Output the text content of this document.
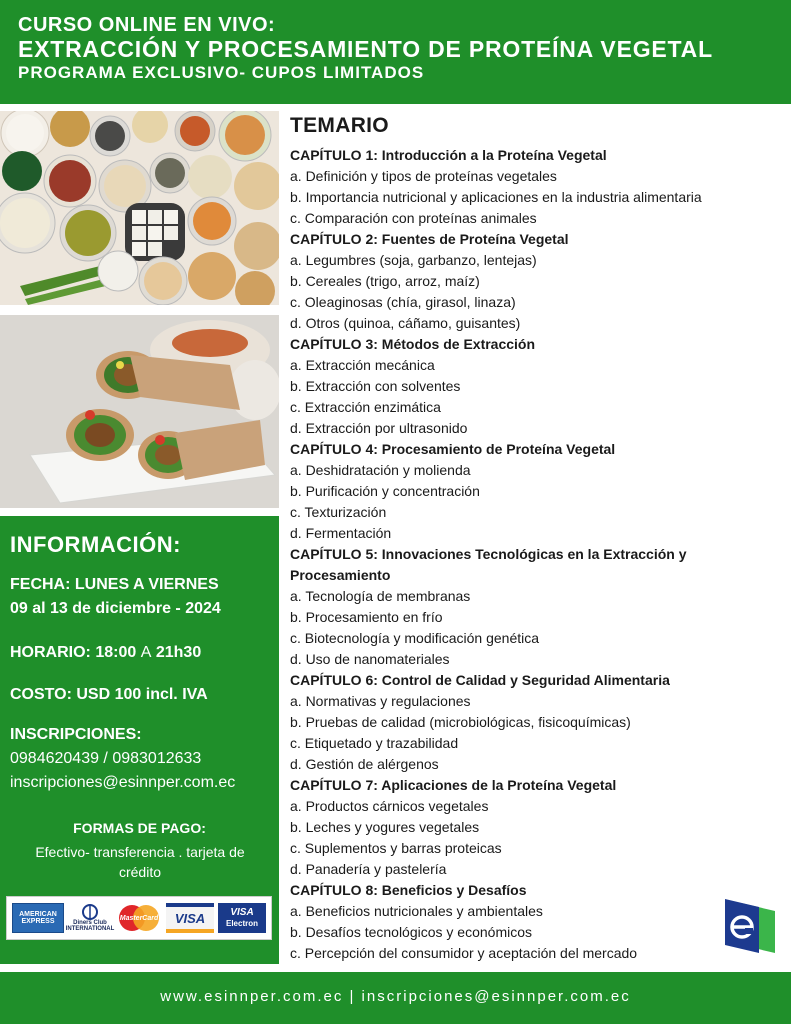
CURSO ONLINE EN VIVO:
EXTRACCIÓN Y PROCESAMIENTO DE PROTEÍNA VEGETAL
PROGRAMA EXCLUSIVO- CUPOS LIMITADOS
INFORMACIÓN:
FECHA: LUNES A VIERNES
09 al 13 de diciembre - 2024
HORARIO: 18:00 A 21h30
COSTO: USD 100 incl. IVA
INSCRIPCIONES:
0984620439 / 0983012633
inscripciones@esinnper.com.ec
FORMAS DE PAGO:
Efectivo- transferencia . tarjeta de crédito
AMERICAN EXPRESS	Diners Club INTERNATIONAL
MasterCard	VISA	VISA
Electron
TEMARIO
CAPÍTULO 1: Introducción a la Proteína Vegetal
a. Definición y tipos de proteínas vegetales
b. Importancia nutricional y aplicaciones en la industria alimentaria
c. Comparación con proteínas animales
CAPÍTULO 2: Fuentes de Proteína Vegetal
a. Legumbres (soja, garbanzo, lentejas)
b. Cereales (trigo, arroz, maíz)
c. Oleaginosas (chía, girasol, linaza)
d. Otros (quinoa, cáñamo, guisantes)
CAPÍTULO 3: Métodos de Extracción
a. Extracción mecánica
b. Extracción con solventes
c. Extracción enzimática
d. Extracción por ultrasonido
CAPÍTULO 4: Procesamiento de Proteína Vegetal
a. Deshidratación y molienda
b. Purificación y concentración
c. Texturización
d. Fermentación
CAPÍTULO 5: Innovaciones Tecnológicas en la Extracción y Procesamiento
a. Tecnología de membranas
b. Procesamiento en frío
c. Biotecnología y modificación genética
d. Uso de nanomateriales
CAPÍTULO 6: Control de Calidad y Seguridad Alimentaria
a. Normativas y regulaciones
b. Pruebas de calidad (microbiológicas, fisicoquímicas)
c. Etiquetado y trazabilidad
d. Gestión de alérgenos
CAPÍTULO 7: Aplicaciones de la Proteína Vegetal
a. Productos cárnicos vegetales
b. Leches y yogures vegetales
c. Suplementos y barras proteicas
d. Panadería y pastelería
CAPÍTULO 8: Beneficios y Desafíos
a. Beneficios nutricionales y ambientales
b. Desafíos tecnológicos y económicos
c. Percepción del consumidor y aceptación del mercado
www.esinnper.com.ec | inscripciones@esinnper.com.ec
